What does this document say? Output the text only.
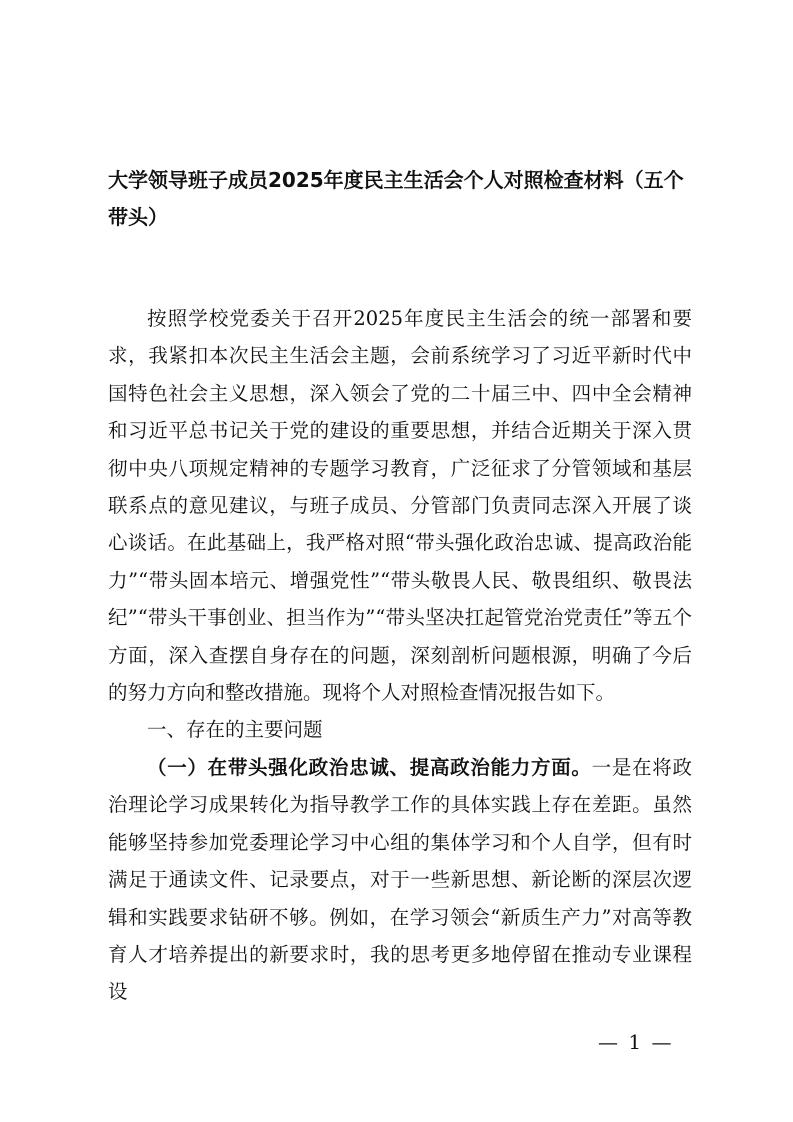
大学领导班子成员2025年度民主生活会个人对照检查材料（五个带头）

按照学校党委关于召开2025年度民主生活会的统一部署和要求，我紧扣本次民主生活会主题，会前系统学习了习近平新时代中国特色社会主义思想，深入领会了党的二十届三中、四中全会精神和习近平总书记关于党的建设的重要思想，并结合近期关于深入贯彻中央八项规定精神的专题学习教育，广泛征求了分管领域和基层联系点的意见建议，与班子成员、分管部门负责同志深入开展了谈心谈话。在此基础上，我严格对照“带头强化政治忠诚、提高政治能力”“带头固本培元、增强党性”“带头敬畏人民、敬畏组织、敬畏法纪”“带头干事创业、担当作为”“带头坚决扛起管党治党责任”等五个方面，深入查摆自身存在的问题，深刻剖析问题根源，明确了今后的努力方向和整改措施。现将个人对照检查情况报告如下。

一、存在的主要问题

（一）在带头强化政治忠诚、提高政治能力方面。一是在将政治理论学习成果转化为指导教学工作的具体实践上存在差距。虽然能够坚持参加党委理论学习中心组的集体学习和个人自学，但有时满足于通读文件、记录要点，对于一些新思想、新论断的深层次逻辑和实践要求钻研不够。例如，在学习领会“新质生产力”对高等教育人才培养提出的新要求时，我的思考更多地停留在推动专业课程设

— 1 —
